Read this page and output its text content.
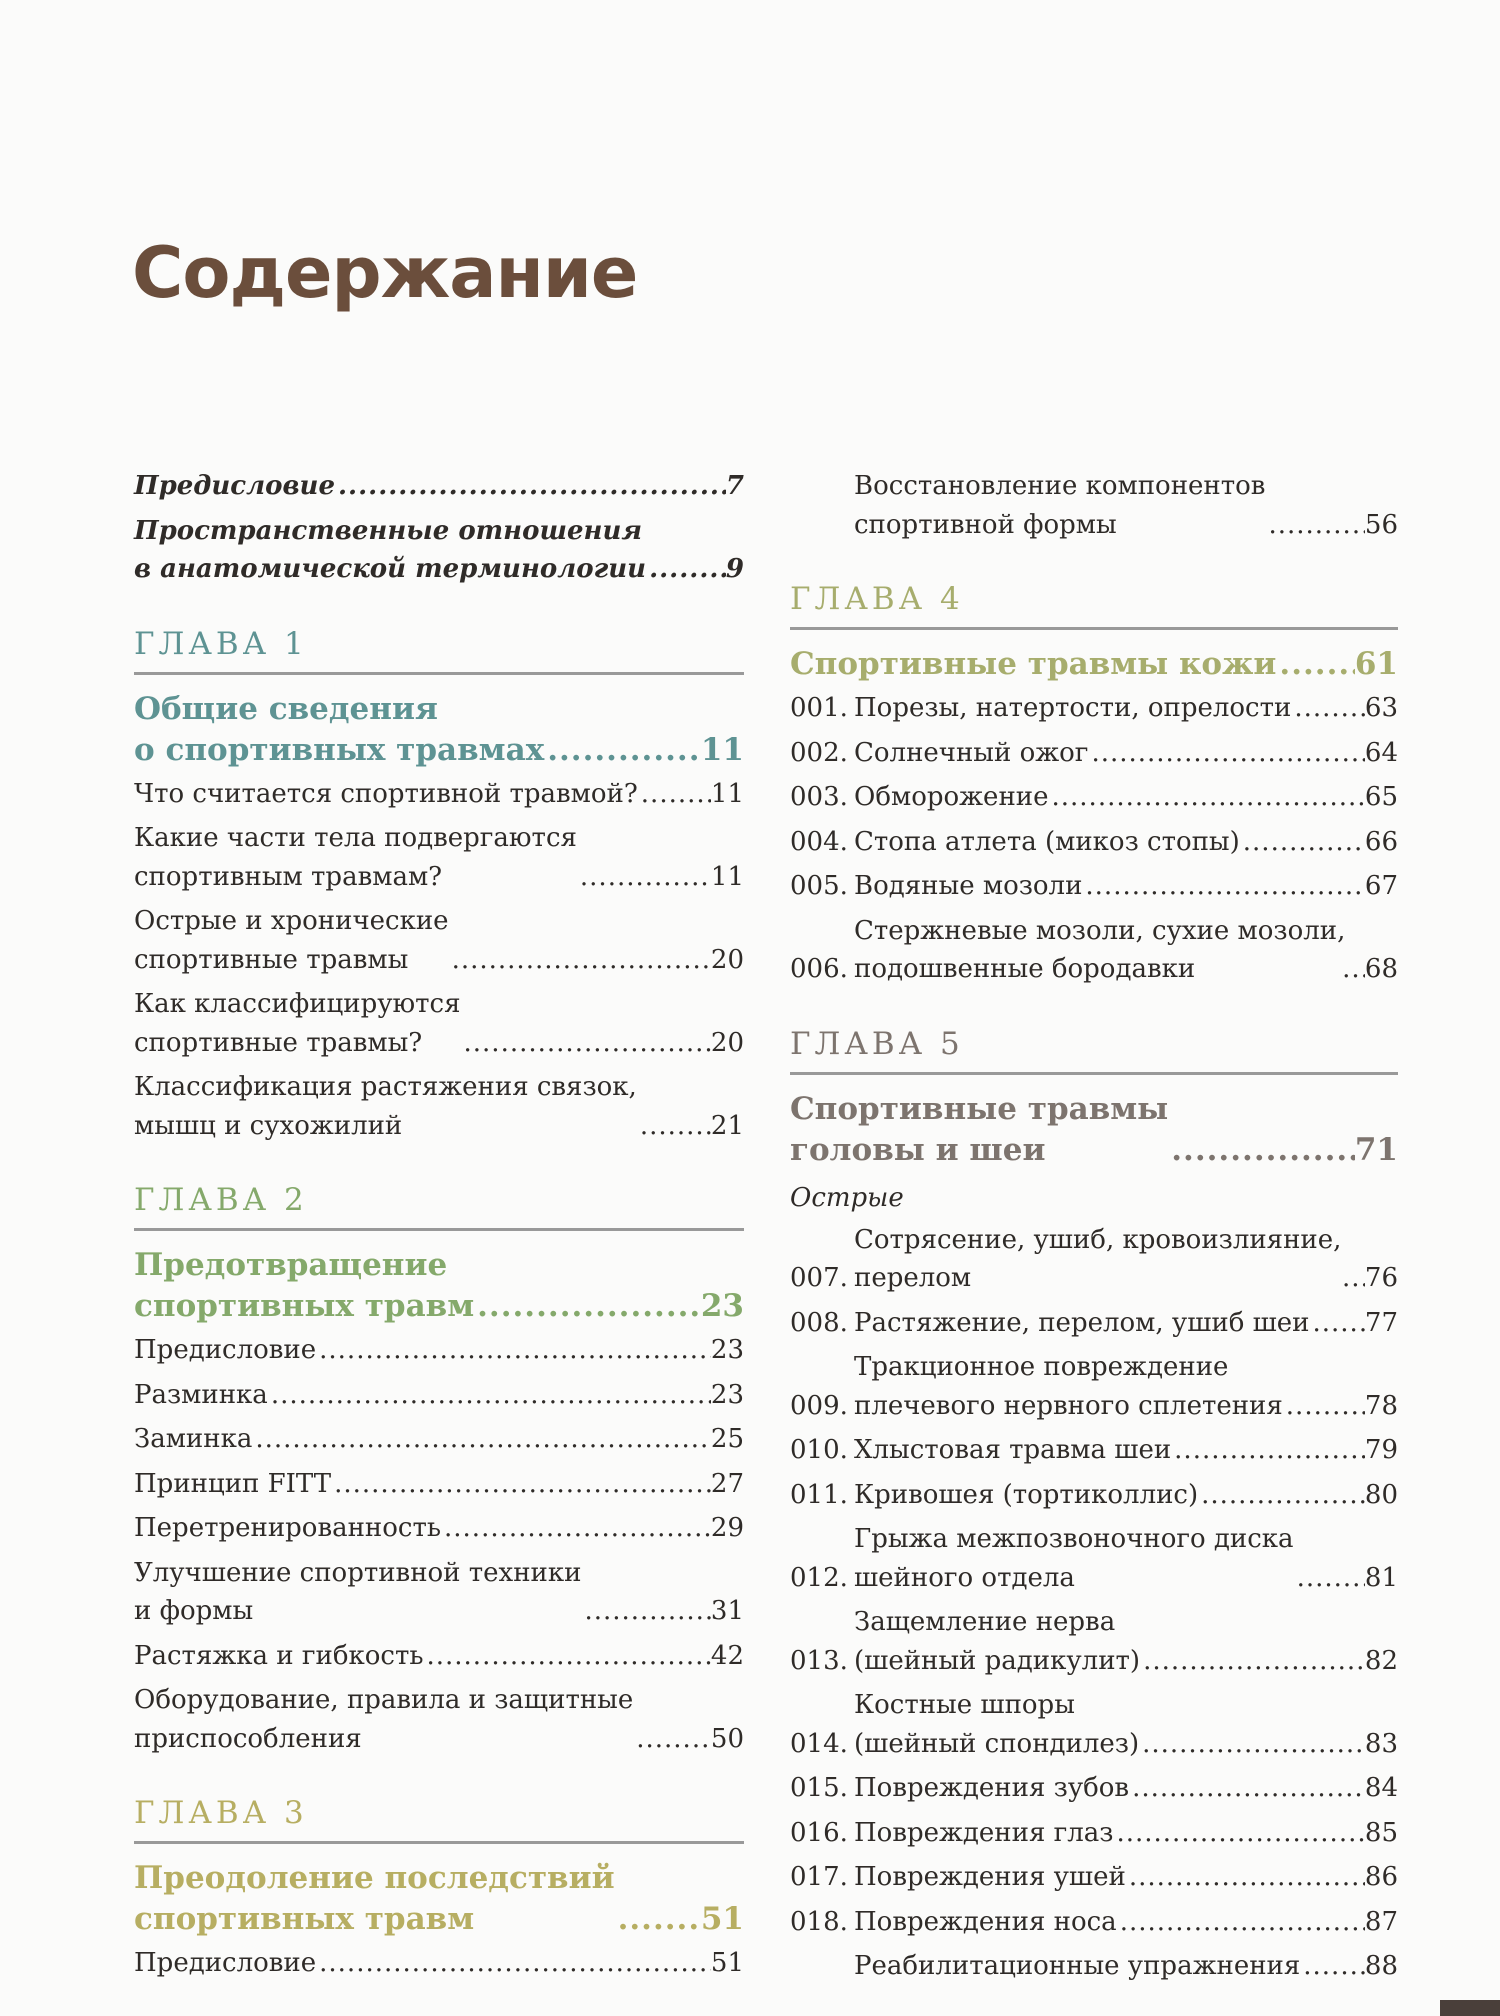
Содержание
Предисловие .....	7
Пространственные отношения
в анатомической терминологии .....	9
ГЛАВА 1
Общие сведения
о спортивных травмах .....	11
Что считается спортивной травмой? .....	11
Какие части тела подвергаются
спортивным травмам? .....	11
Острые и хронические
спортивные травмы .....	20
Как классифицируются
спортивные травмы? .....	20
Классификация растяжения связок,
мышц и сухожилий .....	21
ГЛАВА 2
Предотвращение
спортивных травм .....	23
Предисловие .....	23
Разминка .....	23
Заминка .....	25
Принцип FITT .....	27
Перетренированность .....	29
Улучшение спортивной техники
и формы .....	31
Растяжка и гибкость .....	42
Оборудование, правила и защитные
приспособления .....	50
ГЛАВА 3
Преодоление последствий
спортивных травм .....	51
Предисловие .....	51
Восстановление компонентов
спортивной формы .....	56
ГЛАВА 4
Спортивные травмы кожи .....	61
001. Порезы, натертости, опрелости .....	63
002. Солнечный ожог .....	64
003. Обморожение .....	65
004. Стопа атлета (микоз стопы) .....	66
005. Водяные мозоли .....	67
006.
Стержневые мозоли, сухие мозоли,
подошвенные бородавки .....	68
ГЛАВА 5
Спортивные травмы
головы и шеи .....	71
Острые
007.
Сотрясение, ушиб, кровоизлияние,
перелом .....	76
008. Растяжение, перелом, ушиб шеи ..... 77
009.
Тракционное повреждение
плечевого нервного сплетения .....	78
010. Хлыстовая травма шеи .....	79
011. Кривошея (тортиколлис) .....	80
012.
Грыжа межпозвоночного диска
шейного отдела .....	81
013.
Защемление нерва
(шейный радикулит) .....	82
014.
Костные шпоры
(шейный спондилез) .....	83
015. Повреждения зубов .....	84
016. Повреждения глаз .....	85
017. Повреждения ушей .....	86
018. Повреждения носа .....	87
Реабилитационные упражнения ..... 88
